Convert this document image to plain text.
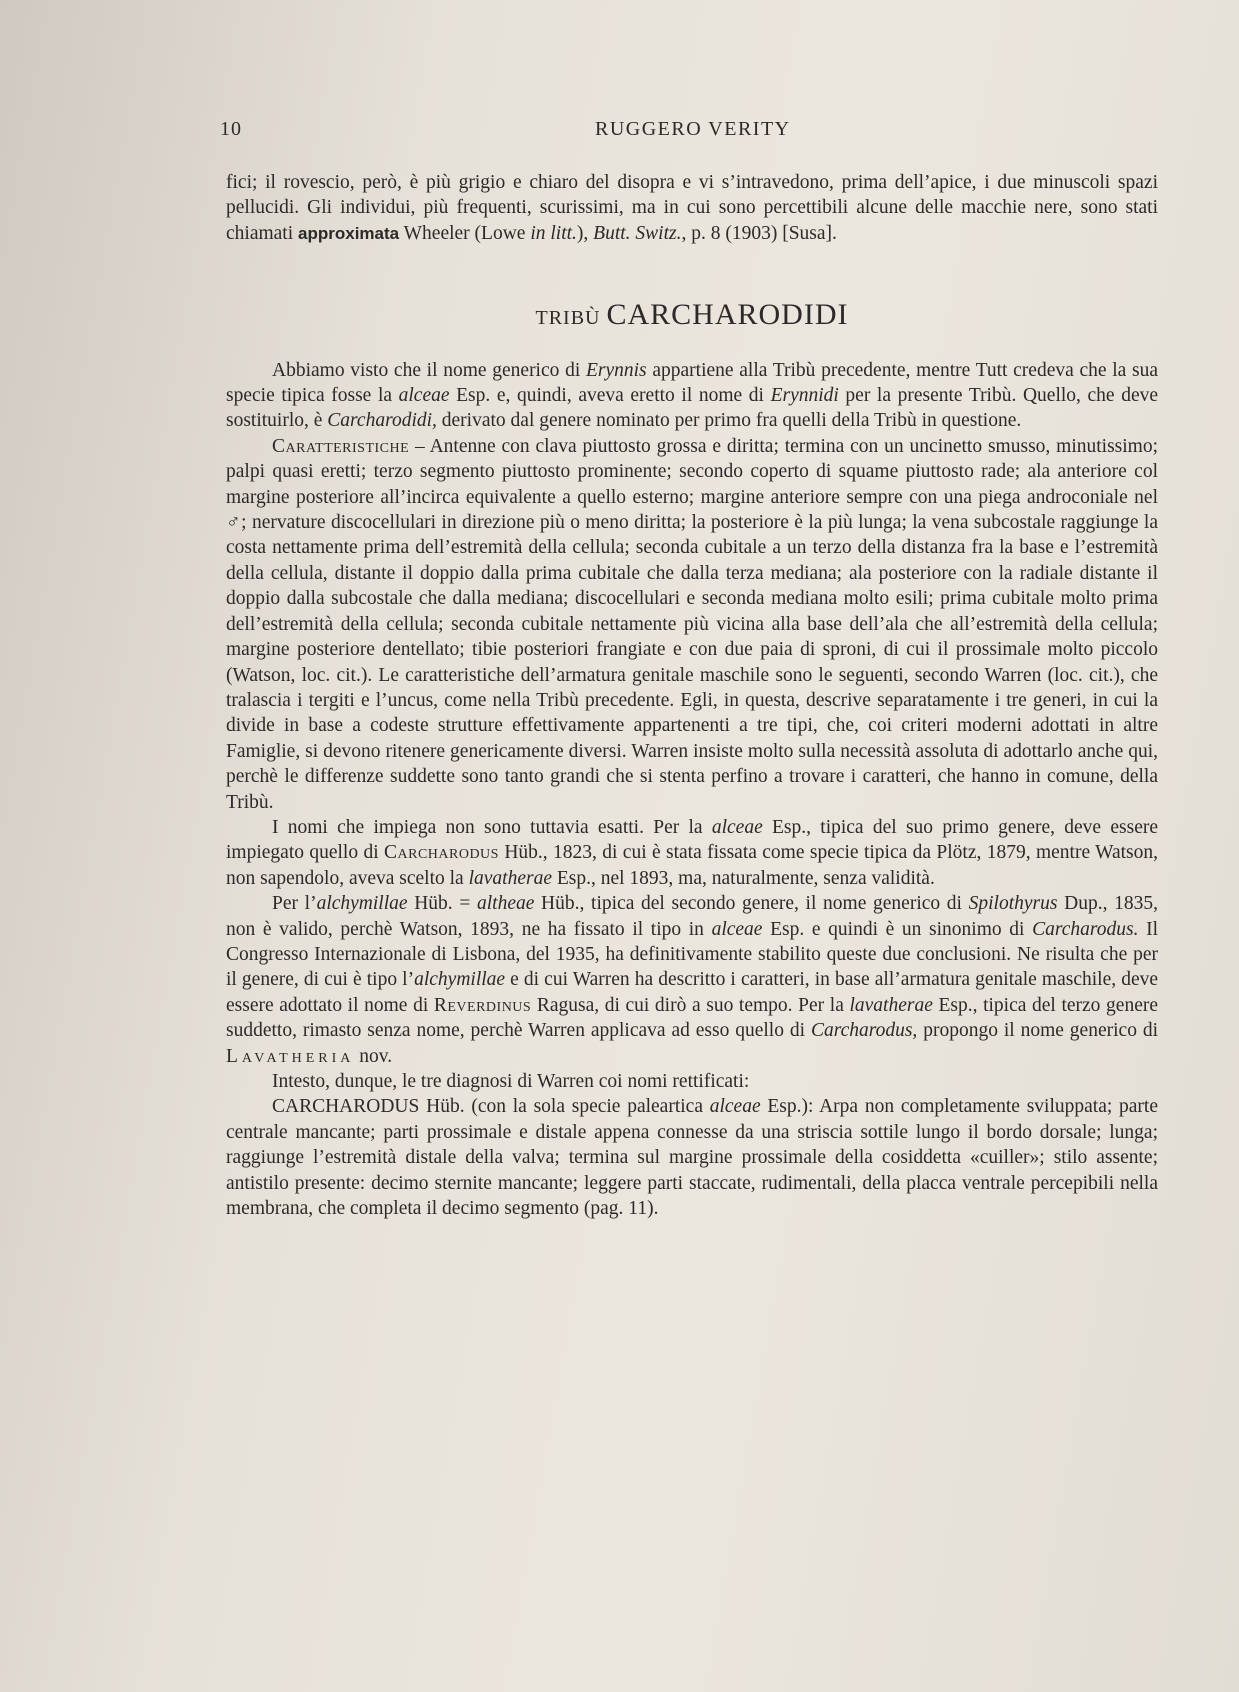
10	RUGGERO VERITY

fici; il rovescio, però, è più grigio e chiaro del disopra e vi s’intravedono, prima dell’apice, i due minuscoli spazi pellucidi. Gli individui, più frequenti, scurissimi, ma in cui sono percettibili alcune delle macchie nere, sono stati chiamati approximata Wheeler (Lowe in litt.), Butt. Switz., p. 8 (1903) [Susa].

TRIBÙ CARCHARODIDI

Abbiamo visto che il nome generico di Erynnis appartiene alla Tribù precedente, mentre Tutt credeva che la sua specie tipica fosse la alceae Esp. e, quindi, aveva eretto il nome di Erynnidi per la presente Tribù. Quello, che deve sostituirlo, è Carcharodidi, derivato dal genere nominato per primo fra quelli della Tribù in questione.

Caratteristiche – Antenne con clava piuttosto grossa e diritta; termina con un uncinetto smusso, minutissimo; palpi quasi eretti; terzo segmento piuttosto prominente; secondo coperto di squame piuttosto rade; ala anteriore col margine posteriore all’incirca equivalente a quello esterno; margine anteriore sempre con una piega androconiale nel ♂; nervature discocellulari in direzione più o meno diritta; la posteriore è la più lunga; la vena subcostale raggiunge la costa nettamente prima dell’estremità della cellula; seconda cubitale a un terzo della distanza fra la base e l’estremità della cellula, distante il doppio dalla prima cubitale che dalla terza mediana; ala posteriore con la radiale distante il doppio dalla subcostale che dalla mediana; discocellulari e seconda mediana molto esili; prima cubitale molto prima dell’estremità della cellula; seconda cubitale nettamente più vicina alla base dell’ala che all’estremità della cellula; margine posteriore dentellato; tibie posteriori frangiate e con due paia di sproni, di cui il prossimale molto piccolo (Watson, loc. cit.). Le caratteristiche dell’armatura genitale maschile sono le seguenti, secondo Warren (loc. cit.), che tralascia i tergiti e l’uncus, come nella Tribù precedente. Egli, in questa, descrive separatamente i tre generi, in cui la divide in base a codeste strutture effettivamente appartenenti a tre tipi, che, coi criteri moderni adottati in altre Famiglie, si devono ritenere genericamente diversi. Warren insiste molto sulla necessità assoluta di adottarlo anche qui, perchè le differenze suddette sono tanto grandi che si stenta perfino a trovare i caratteri, che hanno in comune, della Tribù.

I nomi che impiega non sono tuttavia esatti. Per la alceae Esp., tipica del suo primo genere, deve essere impiegato quello di Carcharodus Hüb., 1823, di cui è stata fissata come specie tipica da Plötz, 1879, mentre Watson, non sapendolo, aveva scelto la lavatherae Esp., nel 1893, ma, naturalmente, senza validità.

Per l’alchymillae Hüb. = altheae Hüb., tipica del secondo genere, il nome generico di Spilothyrus Dup., 1835, non è valido, perchè Watson, 1893, ne ha fissato il tipo in alceae Esp. e quindi è un sinonimo di Carcharodus. Il Congresso Internazionale di Lisbona, del 1935, ha definitivamente stabilito queste due conclusioni. Ne risulta che per il genere, di cui è tipo l’alchymillae e di cui Warren ha descritto i caratteri, in base all’armatura genitale maschile, deve essere adottato il nome di Reverdinus Ragusa, di cui dirò a suo tempo. Per la lavatherae Esp., tipica del terzo genere suddetto, rimasto senza nome, perchè Warren applicava ad esso quello di Carcharodus, propongo il nome generico di Lavatheria nov.

Intesto, dunque, le tre diagnosi di Warren coi nomi rettificati:

CARCHARODUS Hüb. (con la sola specie paleartica alceae Esp.): Arpa non completamente sviluppata; parte centrale mancante; parti prossimale e distale appena connesse da una striscia sottile lungo il bordo dorsale; lunga; raggiunge l’estremità distale della valva; termina sul margine prossimale della cosiddetta «cuiller»; stilo assente; antistilo presente: decimo sternite mancante; leggere parti staccate, rudimentali, della placca ventrale percepibili nella membrana, che completa il decimo segmento (pag. 11).
